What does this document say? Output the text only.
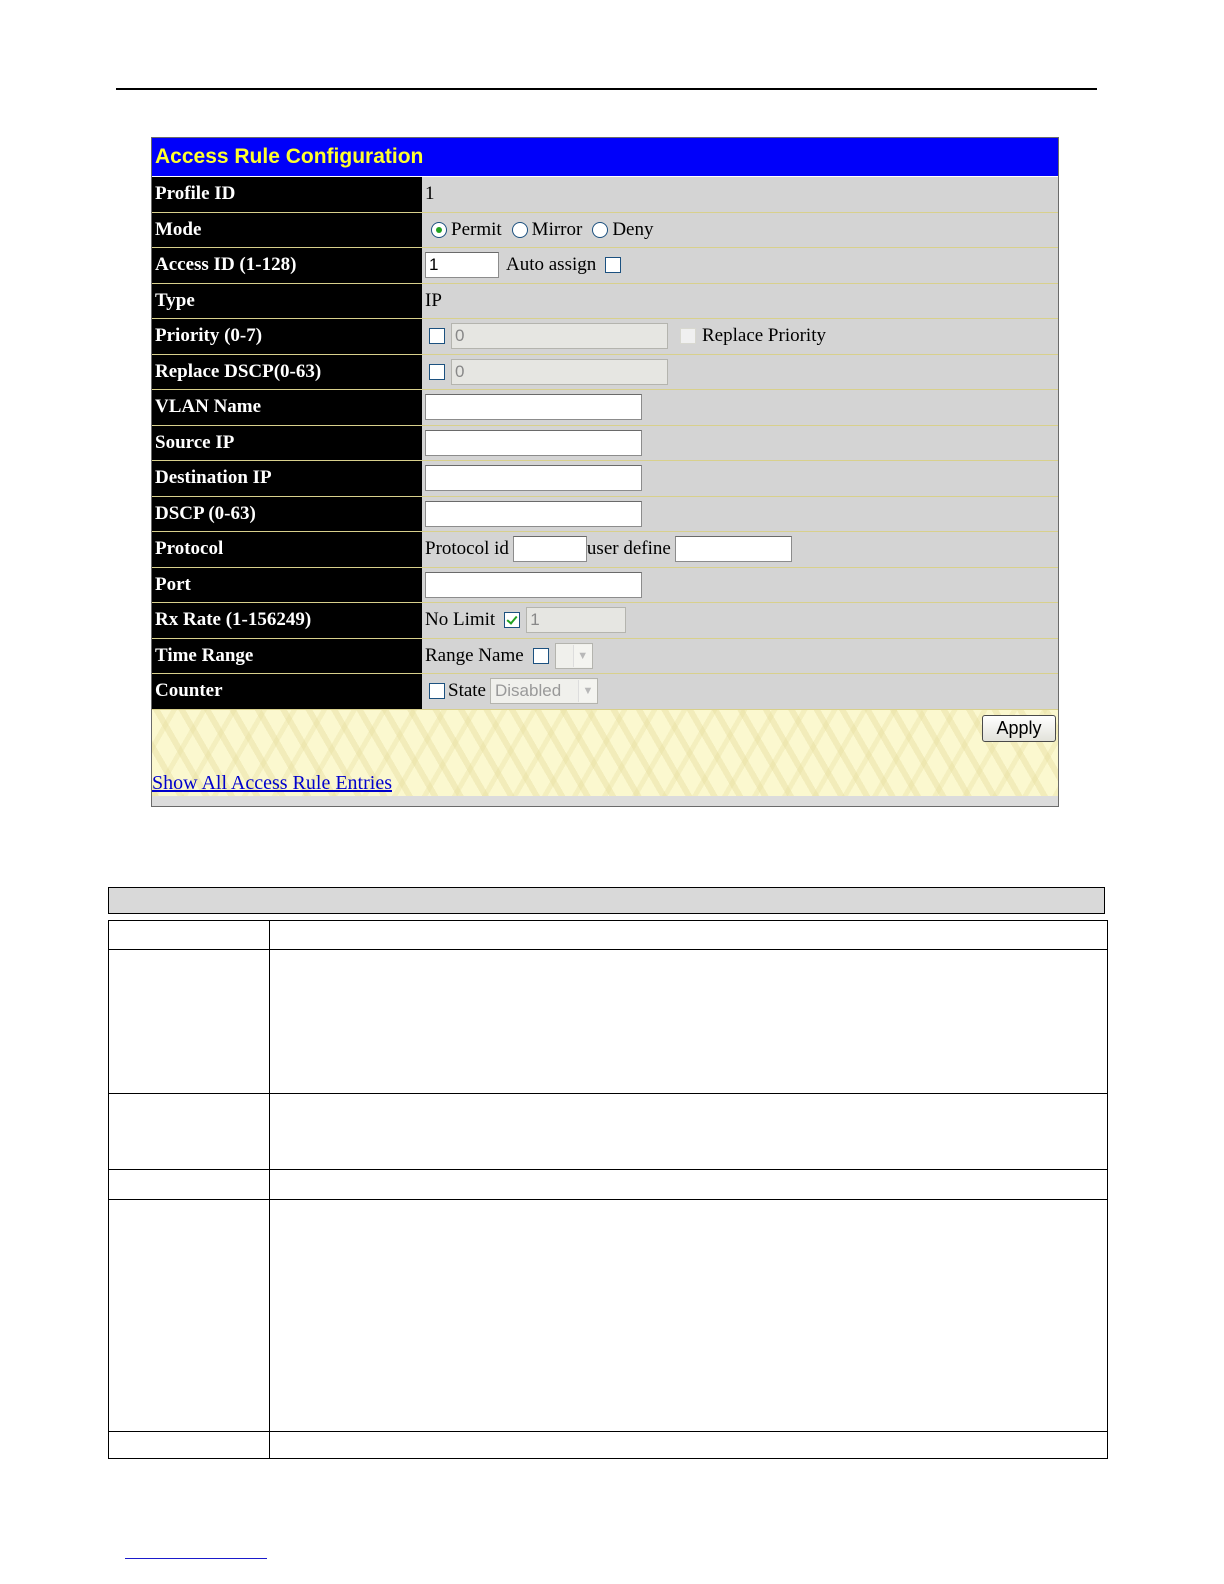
Access Rule Configuration
Profile ID	1
Mode	Permit Mirror Deny
Access ID (1-128)	1	Auto assign
Type	IP
Priority (0-7)	0	Replace Priority
Replace DSCP(0-63)	0
VLAN Name
Source IP
Destination IP
DSCP (0-63)
Protocol	Protocol id	user define
Port
Rx Rate (1-156249)	No Limit 1
Time Range	Range Name	▼
Counter	State Disabled	▼
Apply
Show All Access Rule Entries
